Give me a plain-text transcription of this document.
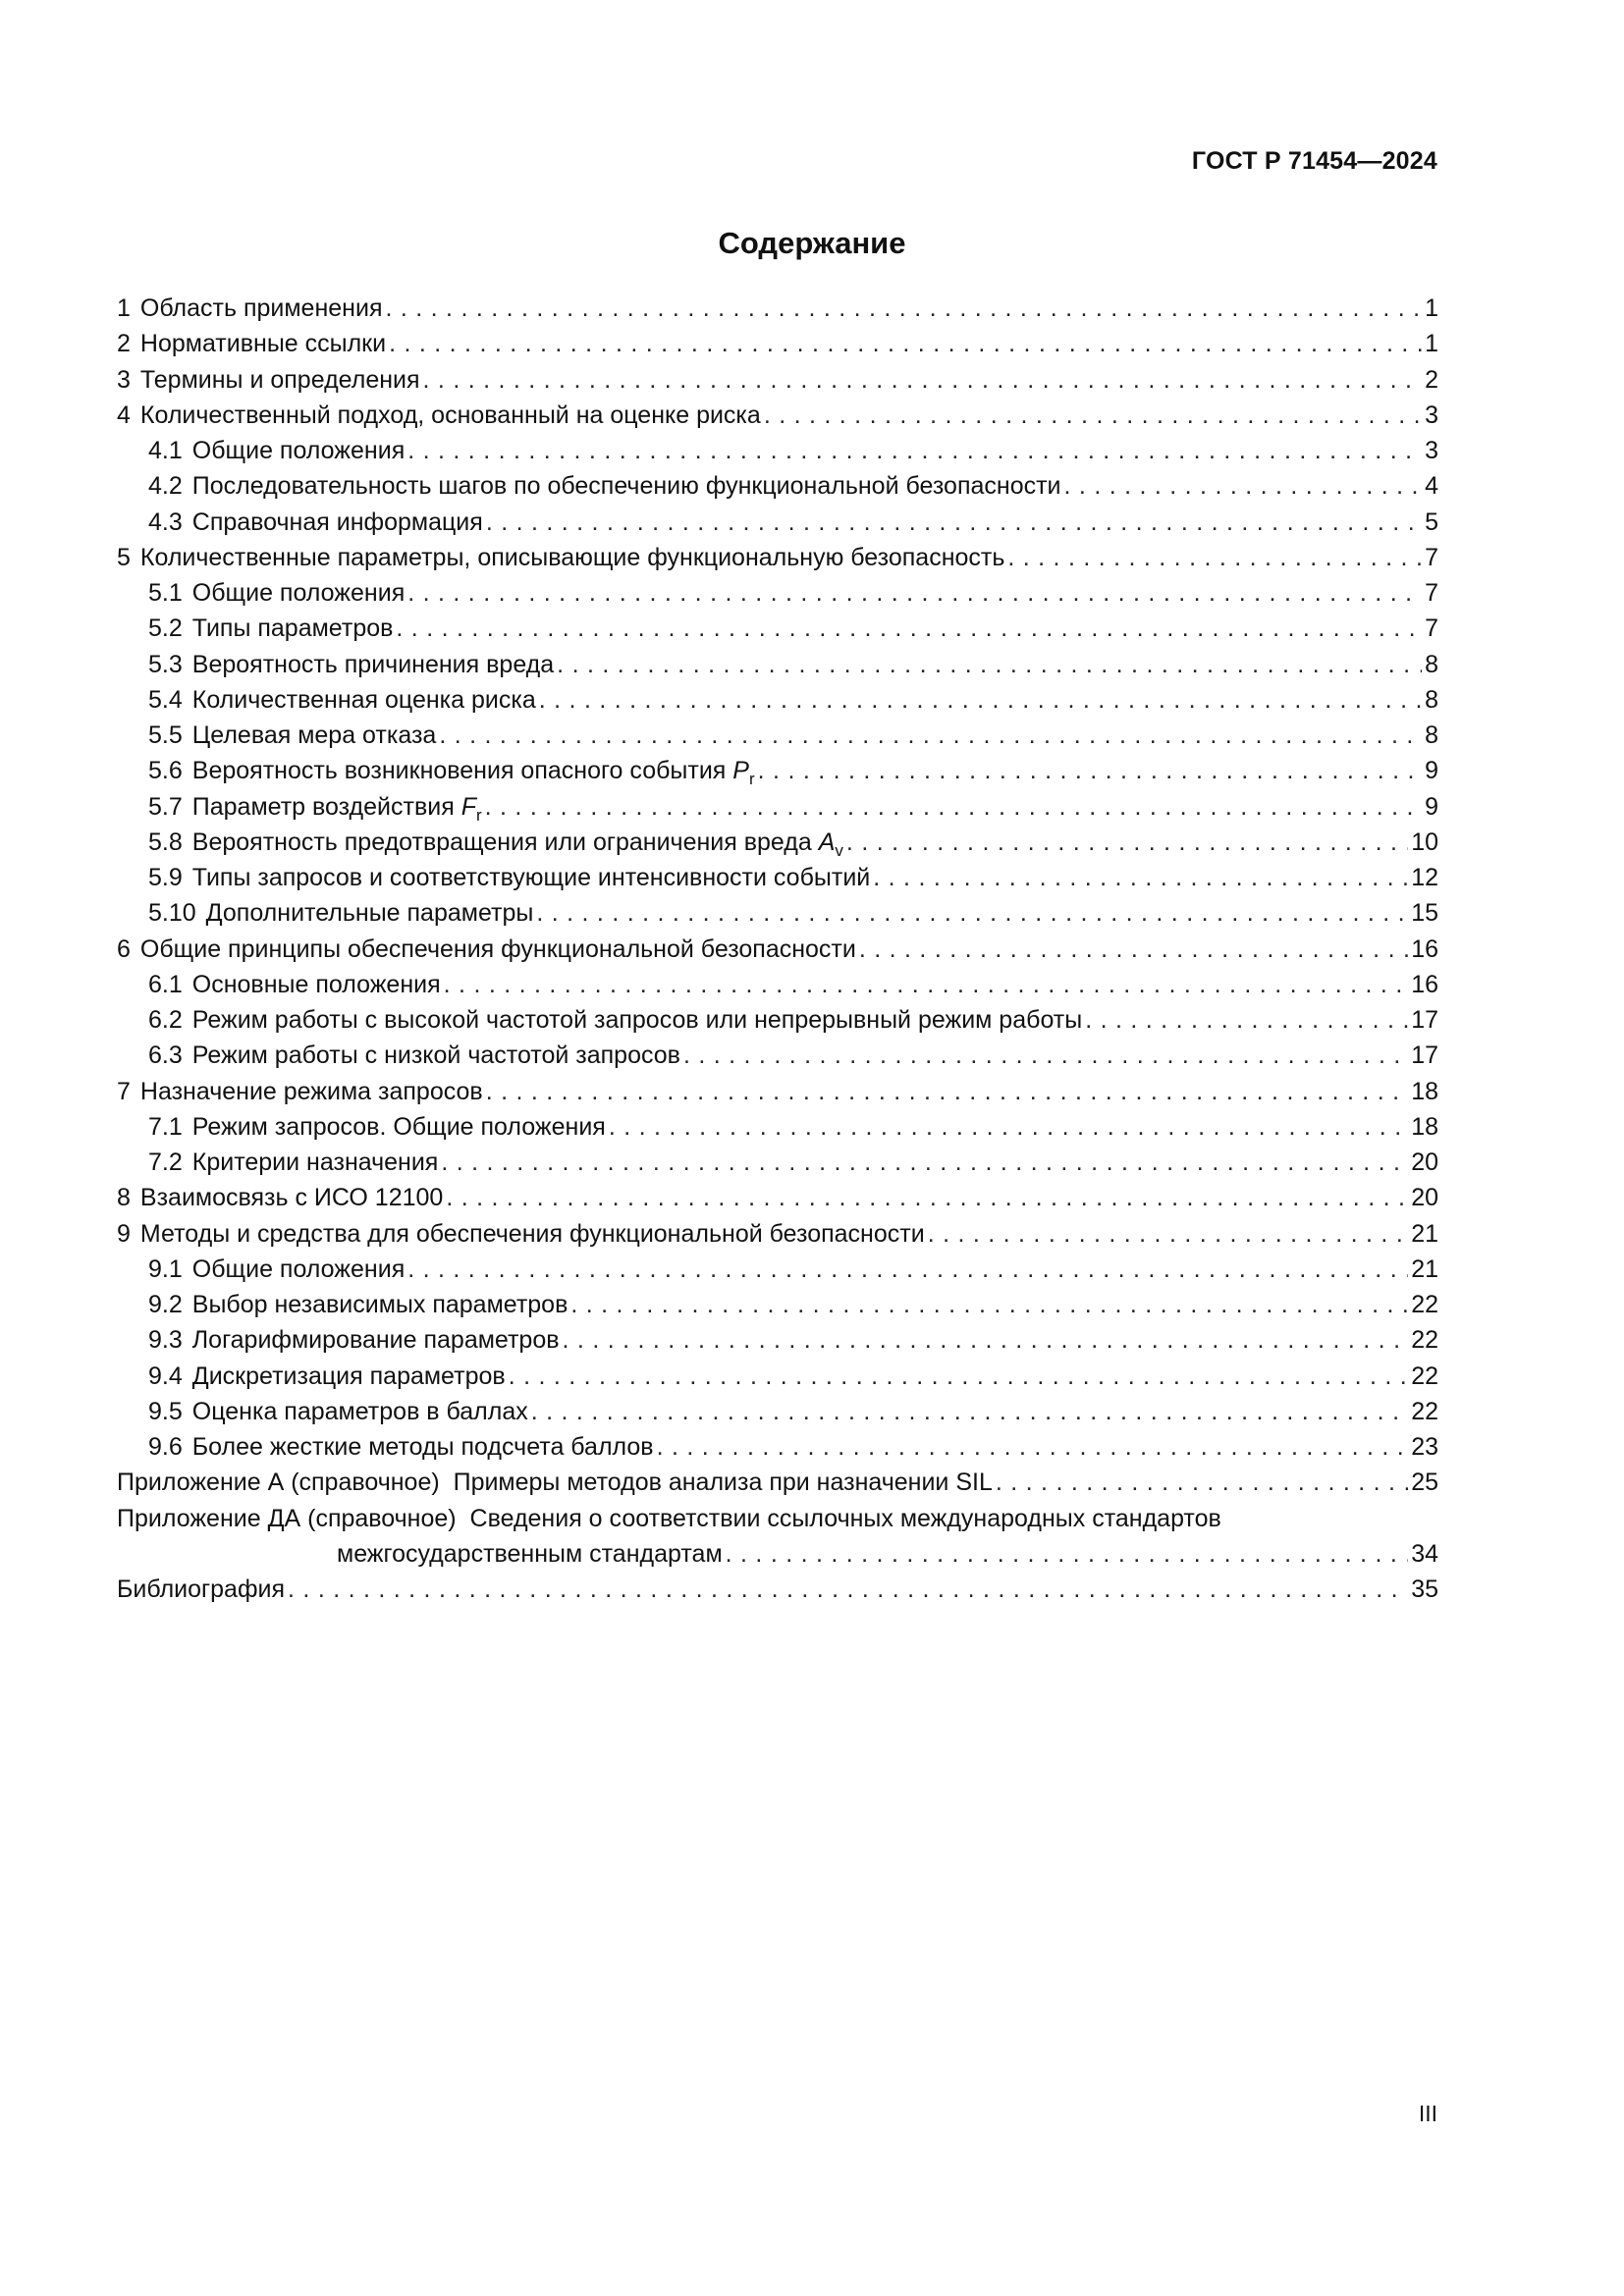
ГОСТ Р 71454—2024
Содержание
1 Область применения . . .	1
2 Нормативные ссылки . . .	1
3 Термины и определения . . .	2
4 Количественный подход, основанный на оценке риска . . .	3
4.1 Общие положения . . .	3
4.2 Последовательность шагов по обеспечению функциональной безопасности . . .	4
4.3 Справочная информация . . .	5
5 Количественные параметры, описывающие функциональную безопасность . . .	7
5.1 Общие положения . . .	7
5.2 Типы параметров . . .	7
5.3 Вероятность причинения вреда . . .	8
5.4 Количественная оценка риска . . .	8
5.5 Целевая мера отказа . . .	8
5.6 Вероятность возникновения опасного события $P_r$ . . .	9
5.7 Параметр воздействия $F_r$ . . .	9
5.8 Вероятность предотвращения или ограничения вреда $A_v$ . . .	10
5.9 Типы запросов и соответствующие интенсивности событий . . .	12
5.10 Дополнительные параметры . . .	15
6 Общие принципы обеспечения функциональной безопасности . . .	16
6.1 Основные положения . . .	16
6.2 Режим работы с высокой частотой запросов или непрерывный режим работы . . .	17
6.3 Режим работы с низкой частотой запросов . . .	17
7 Назначение режима запросов . . .	18
7.1 Режим запросов. Общие положения . . .	18
7.2 Критерии назначения . . .	20
8 Взаимосвязь с ИСО 12100 . . .	20
9 Методы и средства для обеспечения функциональной безопасности . . .	21
9.1 Общие положения . . .	21
9.2 Выбор независимых параметров . . .	22
9.3 Логарифмирование параметров . . .	22
9.4 Дискретизация параметров . . .	22
9.5 Оценка параметров в баллах . . .	22
9.6 Более жесткие методы подсчета баллов . . .	23
Приложение А (справочное) Примеры методов анализа при назначении SIL . . .	25
Приложение ДА (справочное) Сведения о соответствии ссылочных международных стандартов
межгосударственным стандартам . . .	34
Библиография . . .	35
III
